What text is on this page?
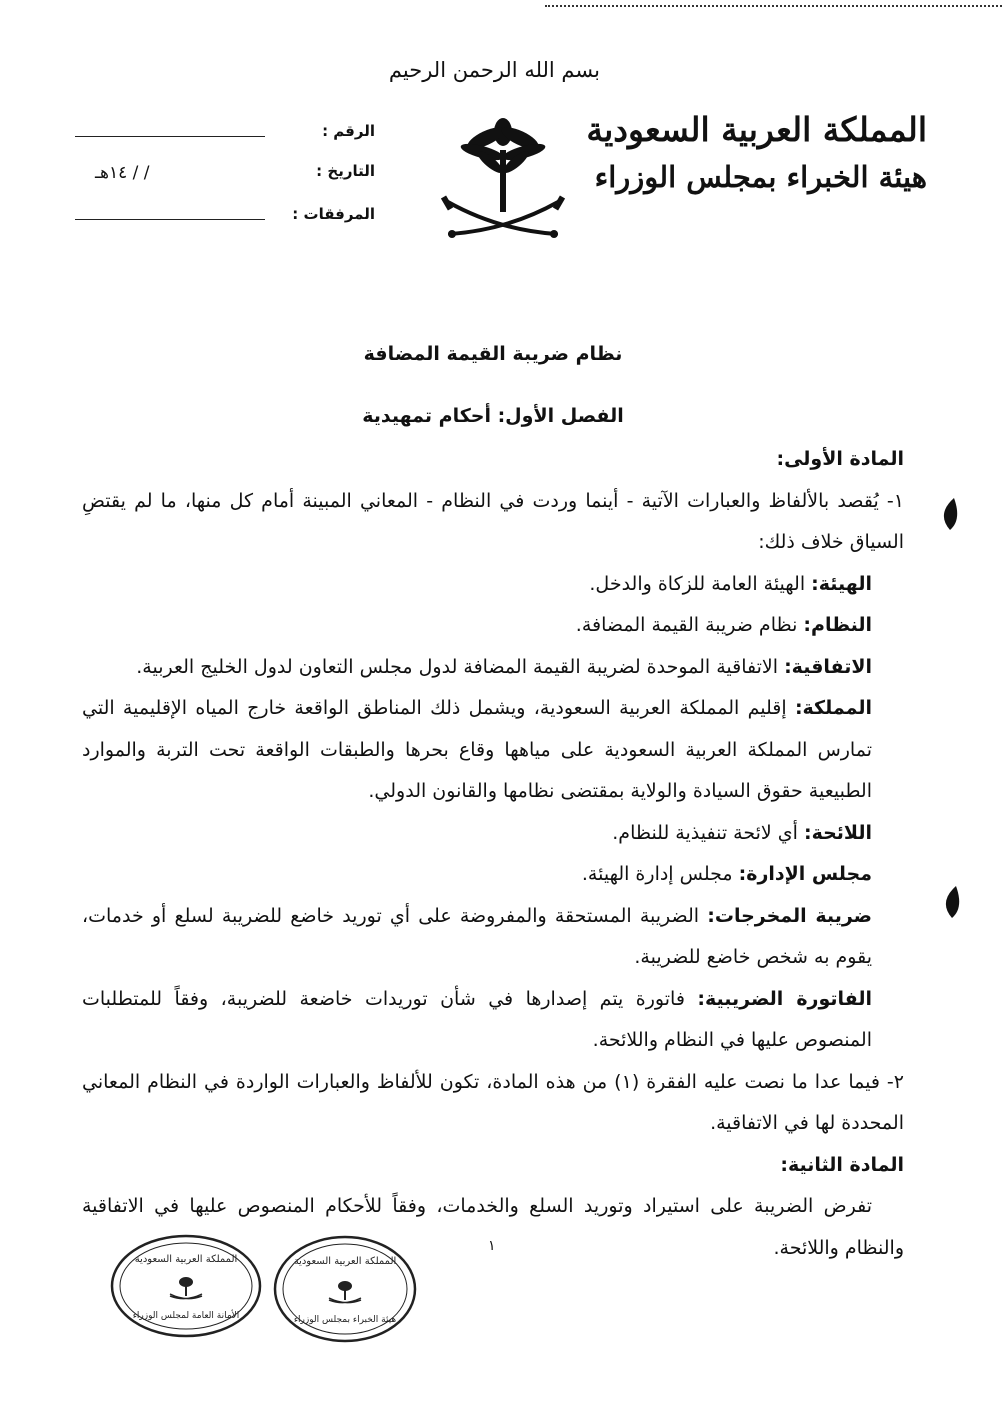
بسم الله الرحمن الرحيم
المملكة العربية السعودية
هيئة الخبراء بمجلس الوزراء
الرقم :
التاريخ :
/ / ١٤هـ
المرفقات :

نظام ضريبة القيمة المضافة

الفصل الأول: أحكام تمهيدية

المادة الأولى:

١- يُقصد بالألفاظ والعبارات الآتية - أينما وردت في النظام - المعاني المبينة أمام كل منها، ما لم يقتضِ السياق خلاف ذلك:

الهيئة: الهيئة العامة للزكاة والدخل.

النظام: نظام ضريبة القيمة المضافة.

الاتفاقية: الاتفاقية الموحدة لضريبة القيمة المضافة لدول مجلس التعاون لدول الخليج العربية.

المملكة: إقليم المملكة العربية السعودية، ويشمل ذلك المناطق الواقعة خارج المياه الإقليمية التي تمارس المملكة العربية السعودية على مياهها وقاع بحرها والطبقات الواقعة تحت التربة والموارد الطبيعية حقوق السيادة والولاية بمقتضى نظامها والقانون الدولي.

اللائحة: أي لائحة تنفيذية للنظام.

مجلس الإدارة: مجلس إدارة الهيئة.

ضريبة المخرجات: الضريبة المستحقة والمفروضة على أي توريد خاضع للضريبة لسلع أو خدمات، يقوم به شخص خاضع للضريبة.

الفاتورة الضريبية: فاتورة يتم إصدارها في شأن توريدات خاضعة للضريبة، وفقاً للمتطلبات المنصوص عليها في النظام واللائحة.

٢- فيما عدا ما نصت عليه الفقرة (١) من هذه المادة، تكون للألفاظ والعبارات الواردة في النظام المعاني المحددة لها في الاتفاقية.

المادة الثانية:

تفرض الضريبة على استيراد وتوريد السلع والخدمات، وفقاً للأحكام المنصوص عليها في الاتفاقية والنظام واللائحة.

١
المملكة العربية السعودية
الأمانة العامة لمجلس الوزراء
المملكة العربية السعودية
هيئة الخبراء بمجلس الوزراء
